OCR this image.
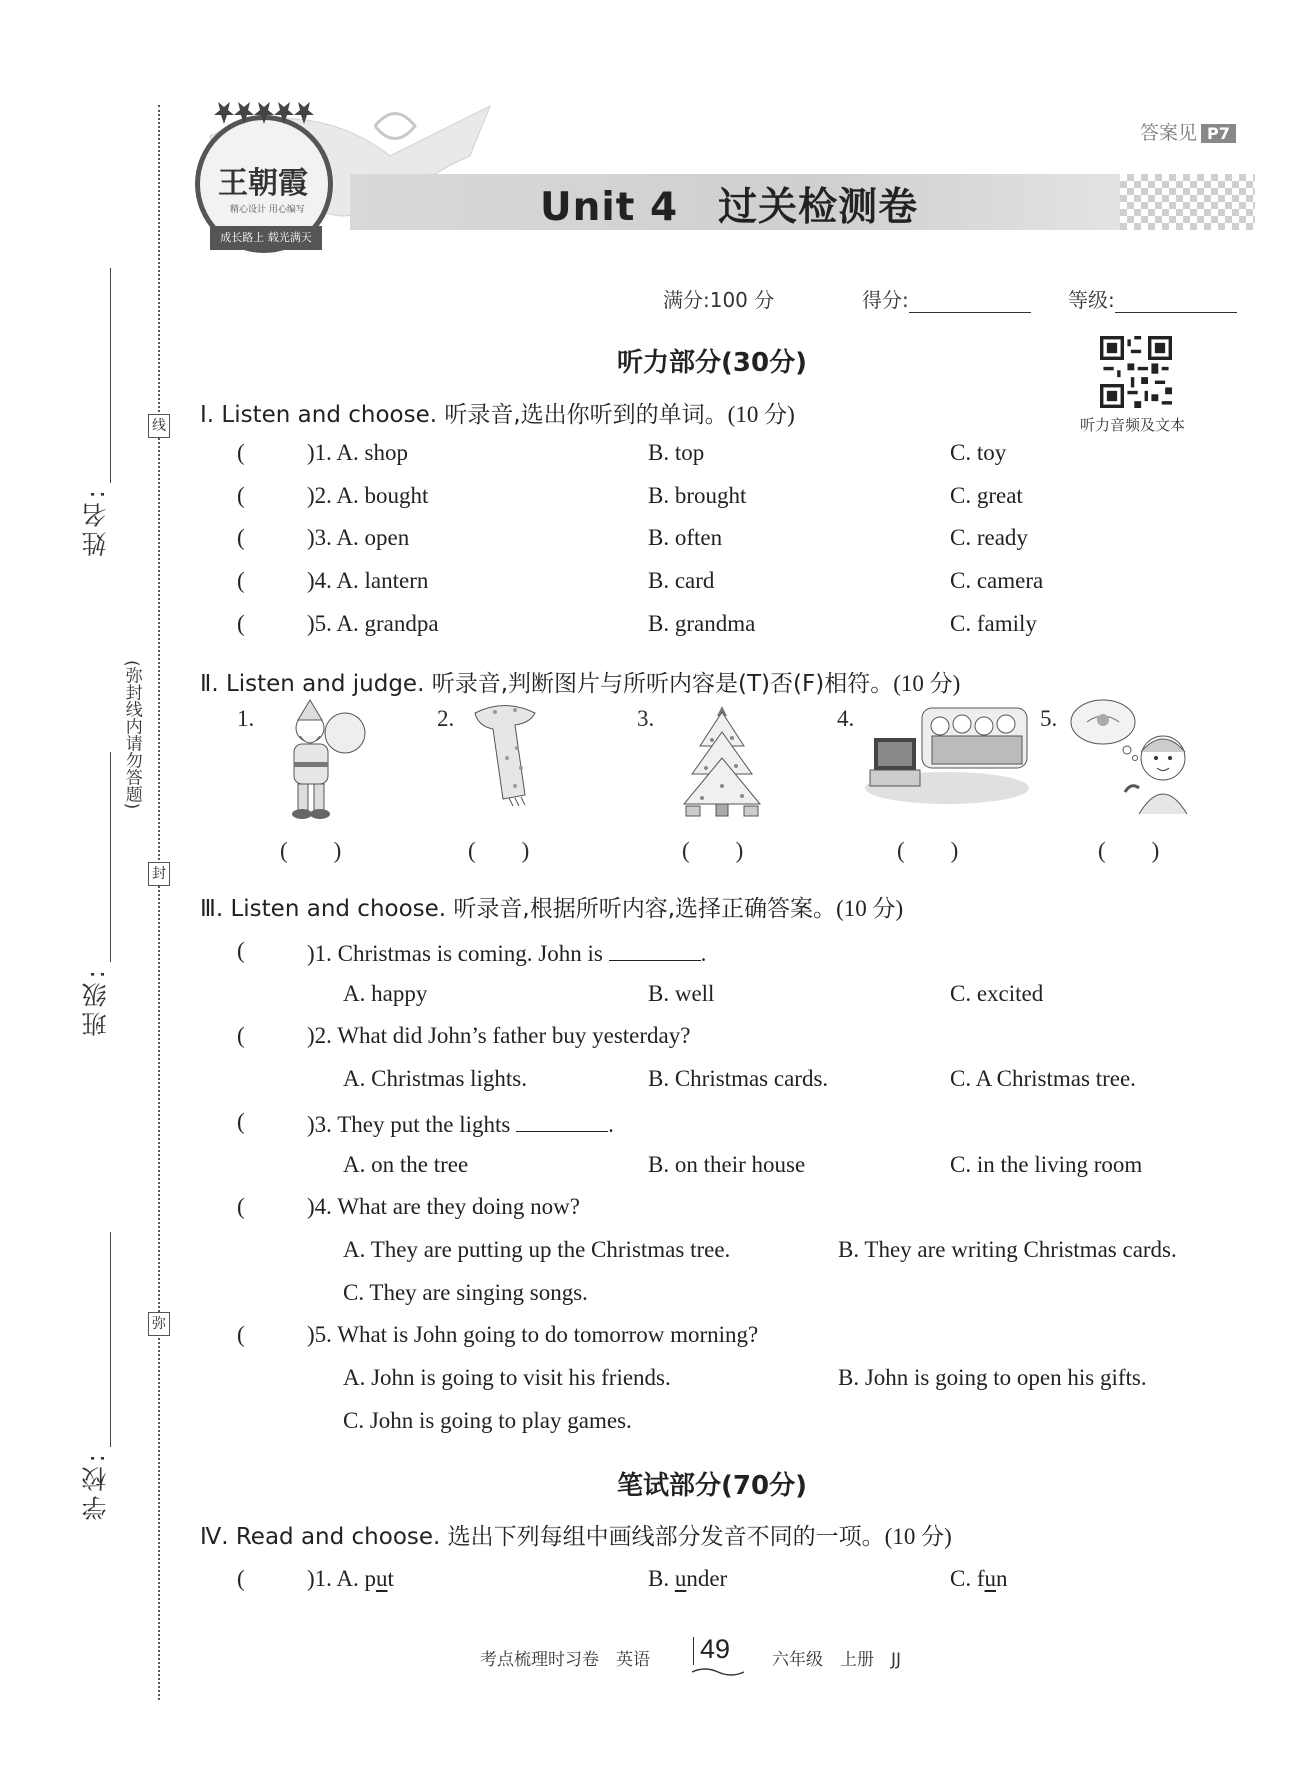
线
封
弥
姓名:
(弥封线内请勿答题)
班级:
学校:
Unit 4　过关检测卷
答案见 P7
王朝霞
精心设计 用心编写
成长路上 载光满天
满分:100 分	得分:	等级:
听力音频及文本
听力部分(30分)
Ⅰ. Listen and choose. 听录音,选出你听到的单词。(10 分)
(	)1. A. shop	B. top	C. toy
(	)2. A. bought	B. brought	C. great
(	)3. A. open	B. often	C. ready
(	)4. A. lantern	B. card	C. camera
(	)5. A. grandpa	B. grandma	C. family
Ⅱ. Listen and judge. 听录音,判断图片与所听内容是(T)否(F)相符。(10 分)
1.	2.	3.	4.	5.
(　　)	(　　)	(　　)	(　　)	(　　)
Ⅲ. Listen and choose. 听录音,根据所听内容,选择正确答案。(10 分)
(	)1. Christmas is coming. John is	.
A. happy	B. well	C. excited
(	)2. What did John’s father buy yesterday?
A. Christmas lights.	B. Christmas cards.	C. A Christmas tree.
(	)3. They put the lights	.
A. on the tree	B. on their house	C. in the living room
(	)4. What are they doing now?
A. They are putting up the Christmas tree.	B. They are writing Christmas cards.
C. They are singing songs.
(	)5. What is John going to do tomorrow morning?
A. John is going to visit his friends.	B. John is going to open his gifts.
C. John is going to play games.
笔试部分(70分)
Ⅳ. Read and choose. 选出下列每组中画线部分发音不同的一项。(10 分)
(	)1. A. put	B. under	C. fun
考点梳理时习卷　英语 49 六年级　上册　JJ
